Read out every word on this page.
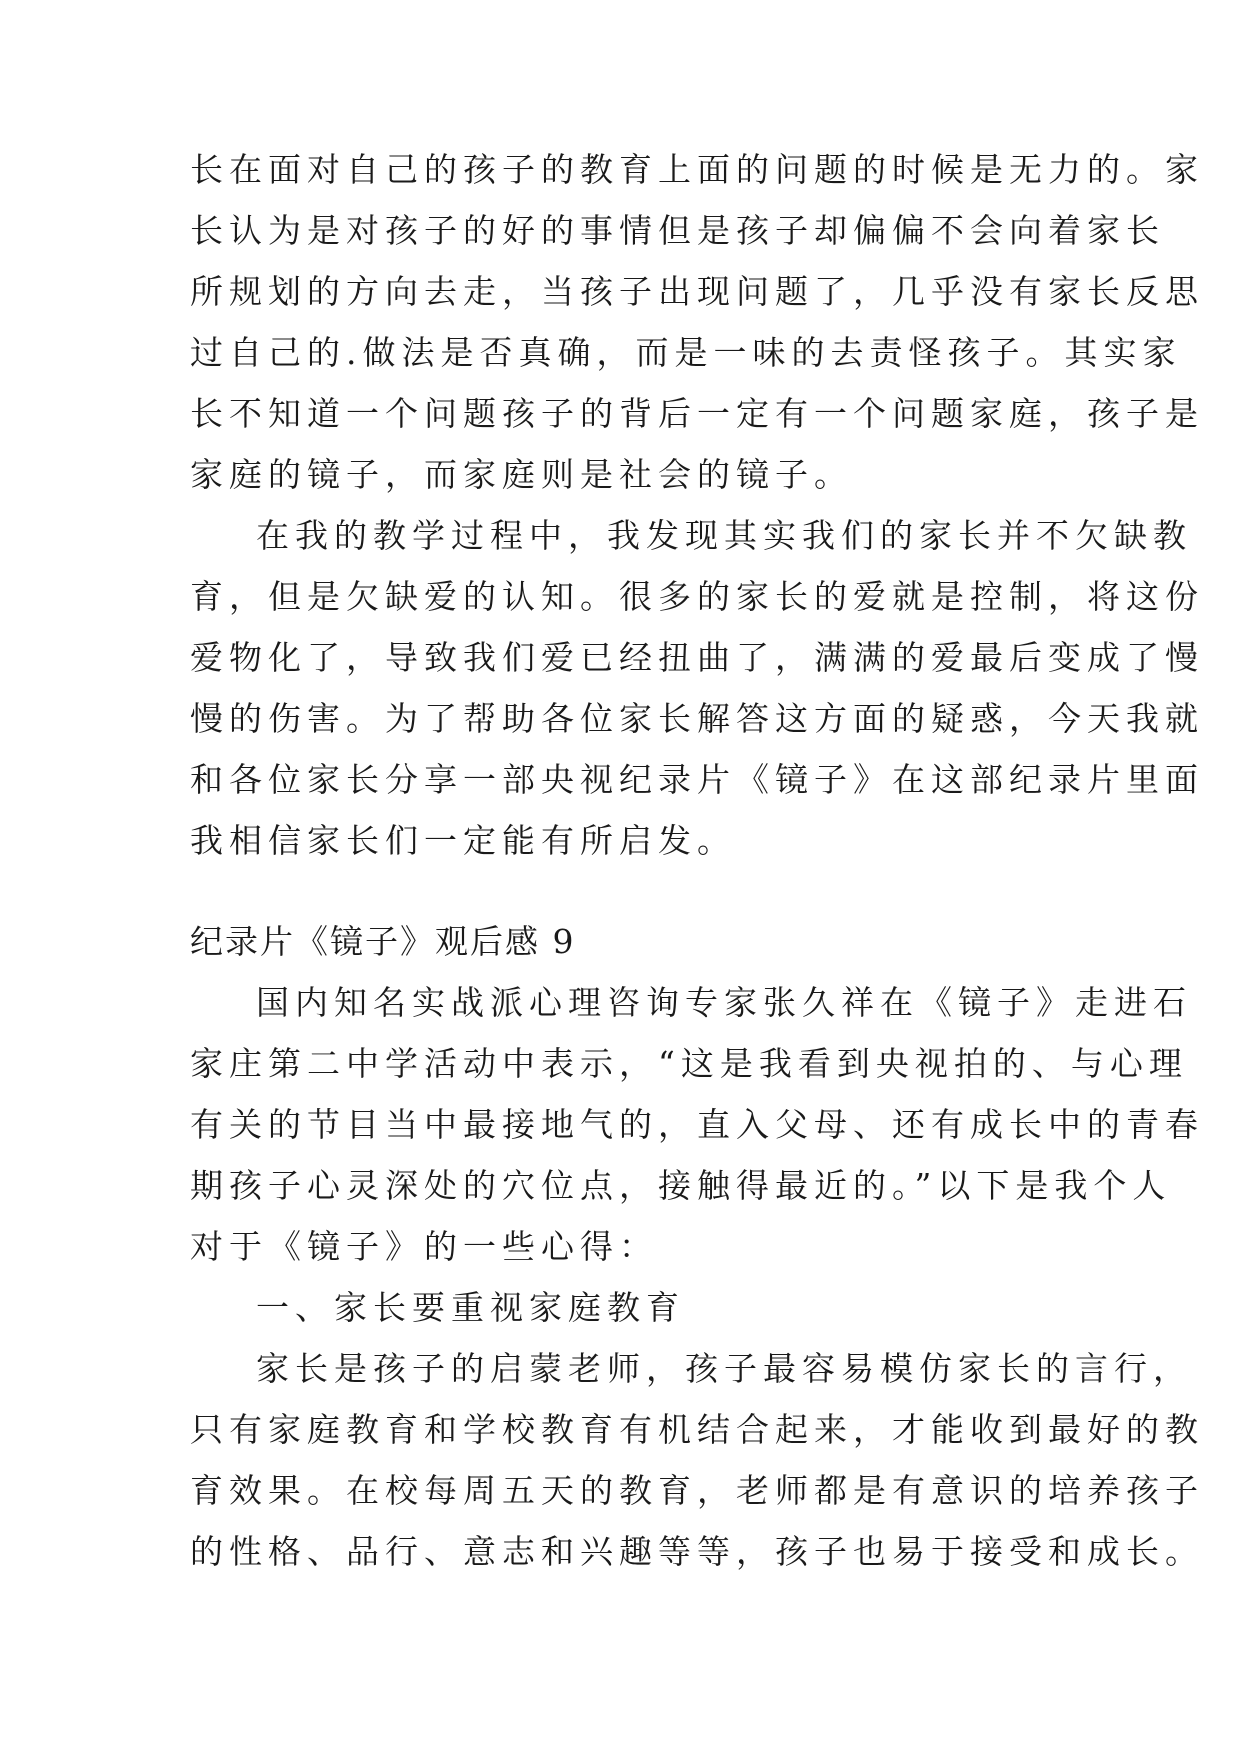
长在面对自己的孩子的教育上面的问题的时候是无力的。家
长认为是对孩子的好的事情但是孩子却偏偏不会向着家长
所规划的方向去走，当孩子出现问题了，几乎没有家长反思
过自己的.做法是否真确，而是一味的去责怪孩子。其实家
长不知道一个问题孩子的背后一定有一个问题家庭，孩子是
家庭的镜子，而家庭则是社会的镜子。
在我的教学过程中，我发现其实我们的家长并不欠缺教
育，但是欠缺爱的认知。很多的家长的爱就是控制，将这份
爱物化了，导致我们爱已经扭曲了，满满的爱最后变成了慢
慢的伤害。为了帮助各位家长解答这方面的疑惑，今天我就
和各位家长分享一部央视纪录片《镜子》在这部纪录片里面
我相信家长们一定能有所启发。
纪录片《镜子》观后感 9
国内知名实战派心理咨询专家张久祥在《镜子》走进石
家庄第二中学活动中表示，“这是我看到央视拍的、与心理
有关的节目当中最接地气的，直入父母、还有成长中的青春
期孩子心灵深处的穴位点，接触得最近的。”以下是我个人
对于《镜子》的一些心得：
一、家长要重视家庭教育
家长是孩子的启蒙老师，孩子最容易模仿家长的言行，
只有家庭教育和学校教育有机结合起来，才能收到最好的教
育效果。在校每周五天的教育，老师都是有意识的培养孩子
的性格、品行、意志和兴趣等等，孩子也易于接受和成长。
